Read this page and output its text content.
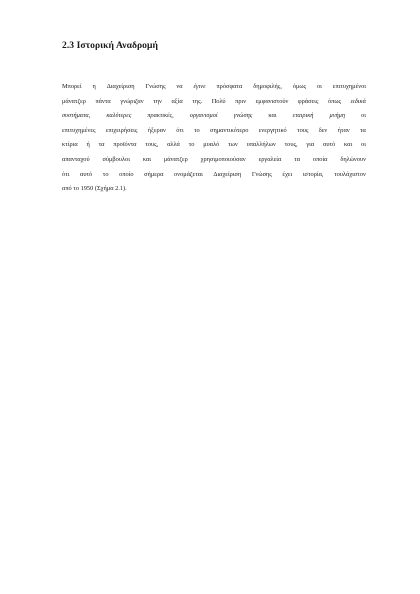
2.3 Ιστορική Αναδρομή
Μπορεί η Διαχείριση Γνώσης να έγινε πρόσφατα δημοφιλής, όμως οι επιτυχημένοι
μάνατζερ πάντα γνώριζαν την αξία της. Πολύ πριν εμφανιστούν φράσεις όπως ειδικά
συστήματα,	καλύτερες	πρακτικές,	οργανισμοί	γνώσης	και	εταιρική	μνήμη	οι
επιτυχημένες επιχειρήσεις ήξεραν ότι το σημαντικότερο ενεργητικό τους δεν ήταν τα
κτίρια ή τα προϊόντα τους, αλλά το μυαλό των υπαλλήλων τους, για αυτό και οι
απανταχού σύμβουλοι και μάνατζερ χρησιμοποιούσαν εργαλεία τα οποία δηλώνουν
ότι αυτό το οποίο σήμερα ονομάζεται Διαχείριση Γνώσης έχει ιστορία, τουλάχιστον
από το 1950 (Σχήμα 2.1).
